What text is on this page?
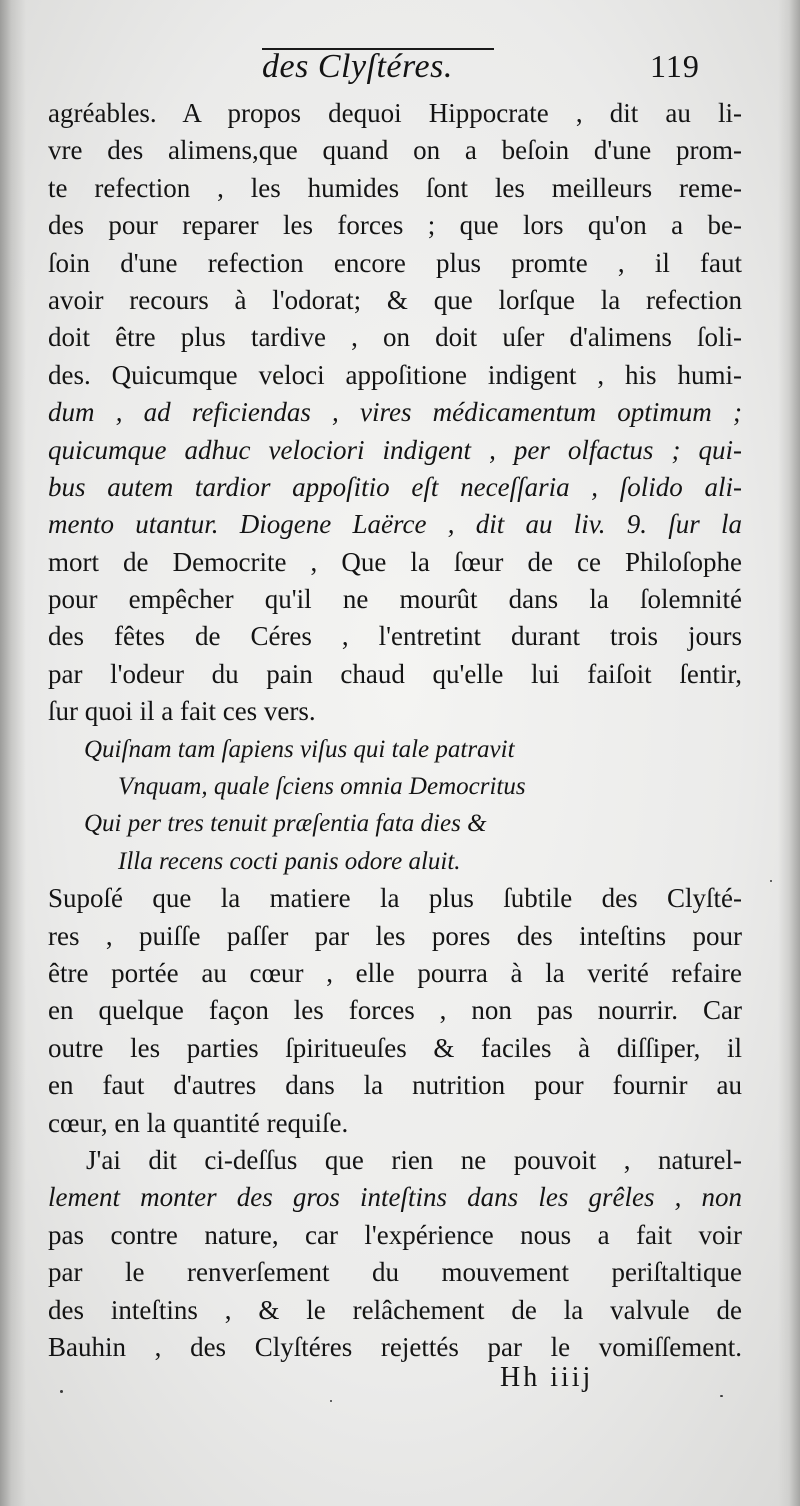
des Clyſtéres.	119
agréables. A propos dequoi Hippocrate , dit au li-
vre des alimens,que quand on a beſoin d'une prom-
te refection , les humides ſont les meilleurs reme-
des pour reparer les forces ; que lors qu'on a be-
ſoin d'une refection encore plus promte , il faut
avoir recours à l'odorat; & que lorſque la refection
doit être plus tardive , on doit uſer d'alimens ſoli-
des. Quicumque veloci appoſitione indigent , his humi-
dum , ad reficiendas , vires médicamentum optimum ;
quicumque adhuc velociori indigent , per olfactus ; qui-
bus autem tardior appoſitio eſt neceſſaria , ſolido ali-
mento utantur. Diogene Laërce , dit au liv. 9. ſur la
mort de Democrite , Que la ſœur de ce Philoſophe
pour empêcher qu'il ne mourût dans la ſolemnité
des fêtes de Céres , l'entretint durant trois jours
par l'odeur du pain chaud qu'elle lui faiſoit ſentir,
ſur quoi il a fait ces vers.
Quiſnam tam ſapiens viſus qui tale patravit
Vnquam, quale ſciens omnia Democritus
Qui per tres tenuit præſentia fata dies &
Illa recens cocti panis odore aluit.
Supoſé que la matiere la plus ſubtile des Clyſté-
res , puiſſe paſſer par les pores des inteſtins pour
être portée au cœur , elle pourra à la verité refaire
en quelque façon les forces , non pas nourrir. Car
outre les parties ſpiritueuſes & faciles à diſſiper, il
en faut d'autres dans la nutrition pour fournir au
cœur, en la quantité requiſe.
J'ai dit ci-deſſus que rien ne pouvoit , naturel-
lement monter des gros inteſtins dans les grêles , non
pas contre nature, car l'expérience nous a fait voir
par le renverſement du mouvement periſtaltique
des inteſtins , & le relâchement de la valvule de
Bauhin , des Clyſtéres rejettés par le vomiſſement.
Hh iiij
